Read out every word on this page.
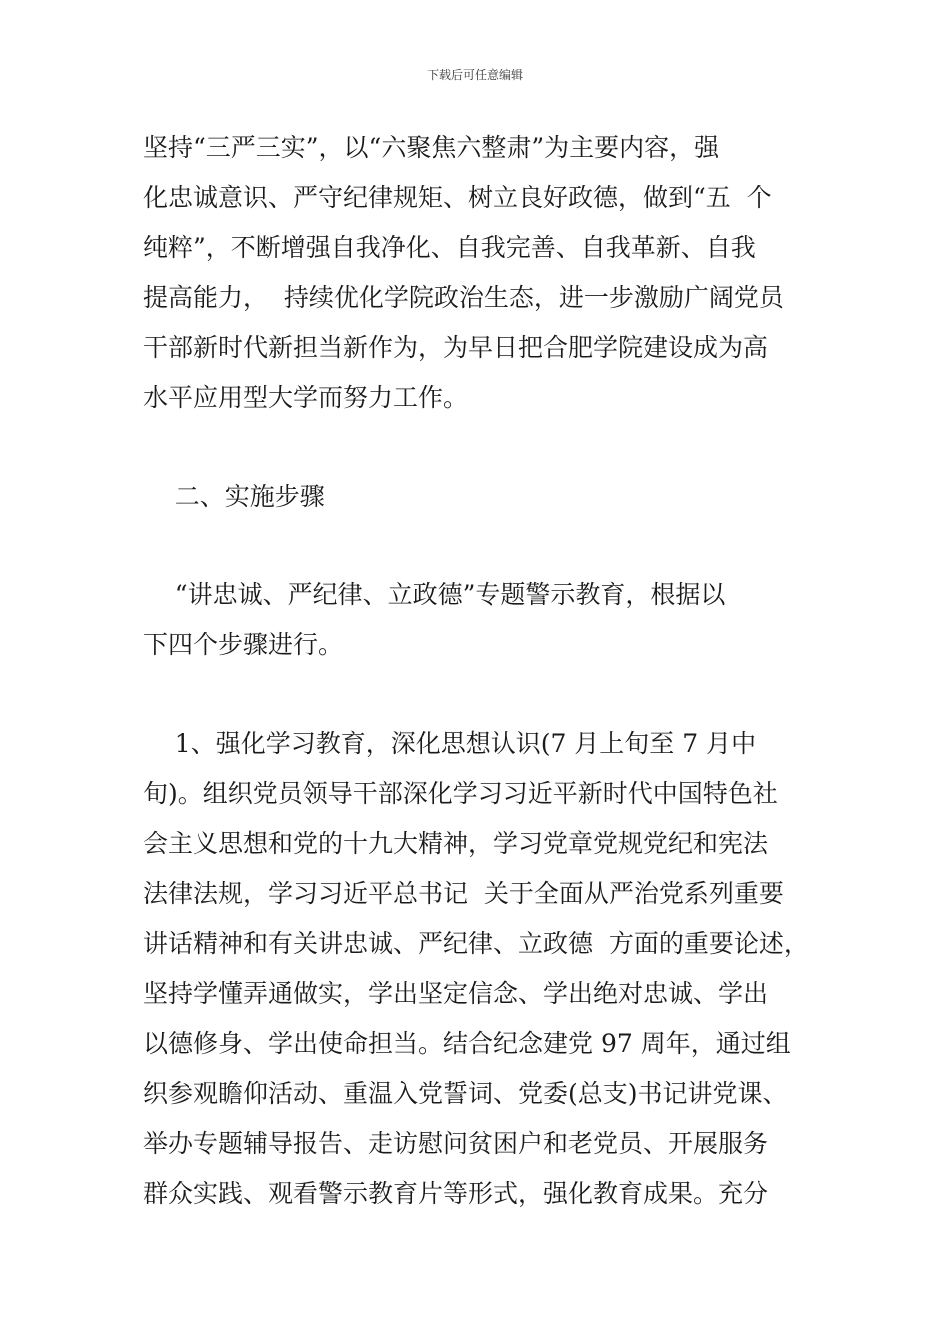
下载后可任意编辑
坚持“三严三实”，以“六聚焦六整肃”为主要内容，强
化忠诚意识、严守纪律规矩、树立良好政德，做到“五  个
纯粹”，不断增强自我净化、自我完善、自我革新、自我
提高能力，  持续优化学院政治生态，进一步激励广阔党员
干部新时代新担当新作为，为早日把合肥学院建设成为高
水平应用型大学而努力工作。
二、实施步骤
“讲忠诚、严纪律、立政德”专题警示教育，根据以
下四个步骤进行。
1、强化学习教育，深化思想认识(7 月上旬至 7 月中
旬)。组织党员领导干部深化学习习近平新时代中国特色社
会主义思想和党的十九大精神，学习党章党规党纪和宪法
法律法规，学习习近平总书记  关于全面从严治党系列重要
讲话精神和有关讲忠诚、严纪律、立政德  方面的重要论述，
坚持学懂弄通做实，学出坚定信念、学出绝对忠诚、学出
以德修身、学出使命担当。结合纪念建党 97 周年，通过组
织参观瞻仰活动、重温入党誓词、党委(总支)书记讲党课、
举办专题辅导报告、走访慰问贫困户和老党员、开展服务
群众实践、观看警示教育片等形式，强化教育成果。充分
